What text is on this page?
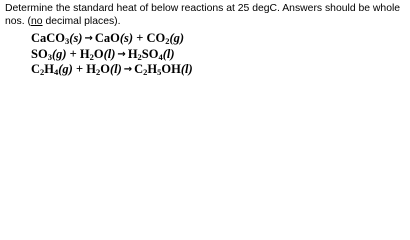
Determine the standard heat of below reactions at 25 degC. Answers should be whole nos. (no decimal places).

CaCO$_3$(s) → $CaO(s) + CO_2(g)$
$SO_3(g) + H_2O(l) \to H_2SO_4(l)$
$C_2H_4(g) + H_2O(l) \to C_2H_5OH(l)$
